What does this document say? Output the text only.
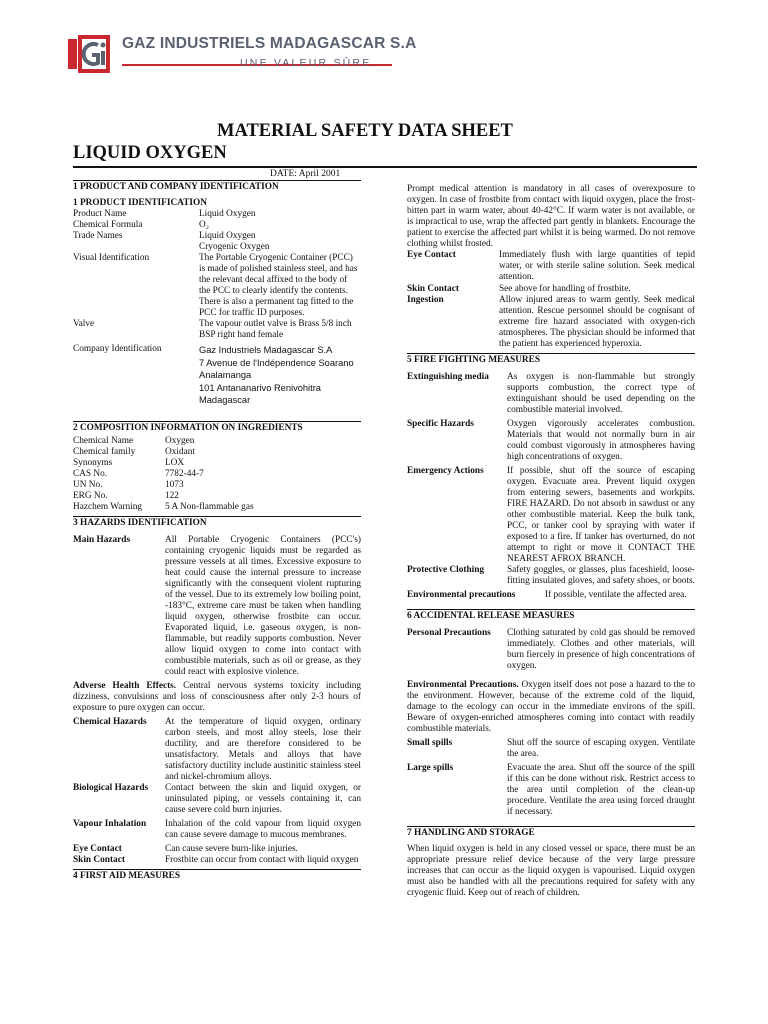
GAZ INDUSTRIELS MADAGASCAR S.A
UNE VALEUR SÛRE
MATERIAL SAFETY DATA SHEET
LIQUID OXYGEN
DATE: April 2001
1 PRODUCT AND COMPANY IDENTIFICATION
1 PRODUCT IDENTIFICATION
Product Name	Liquid Oxygen
Chemical Formula	O₂
Trade Names	Liquid Oxygen
Cryogenic Oxygen
Visual Identification	The Portable Cryogenic Container (PCC) is made of polished stainless steel, and has the relevant decal affixed to the body of the PCC to clearly identify the contents. There is also a permanent tag fitted to the PCC for traffic ID purposes.
Valve	The vapour outlet valve is Brass 5/8 inch BSP right hand female
Company Identification	Gaz Industriels Madagascar S.A
7 Avenue de l'Indépendence Soarano
Analamanga
101 Antananarivo Renivohitra
Madagascar
2 COMPOSITION INFORMATION ON INGREDIENTS
Chemical Name	Oxygen
Chemical family	Oxidant
Synonyms	LOX
CAS No.	7782-44-7
UN No.	1073
ERG No.	122
Hazchem Warning	5 A Non-flammable gas
3 HAZARDS IDENTIFICATION
Main Hazards	All Portable Cryogenic Containers (PCC's) containing cryogenic liquids must be regarded as pressure vessels at all times. Excessive exposure to heat could cause the internal pressure to increase significantly with the consequent violent rupturing of the vessel. Due to its extremely low boiling point, -183°C, extreme care must be taken when handling liquid oxygen, otherwise frostbite can occur. Evaporated liquid, i.e. gaseous oxygen, is non-flammable, but readily supports combustion. Never allow liquid oxygen to come into contact with combustible materials, such as oil or grease, as they could react with explosive violence.
Adverse Health Effects. Central nervous systems toxicity including dizziness, convulsions and loss of consciousness after only 2-3 hours of exposure to pure oxygen can occur.
Chemical Hazards	At the temperature of liquid oxygen, ordinary carbon steels, and most alloy steels, lose their ductility, and are therefore considered to be unsatisfactory. Metals and alloys that have satisfactory ductility include austinitic stainless steel and nickel-chromium alloys.
Biological Hazards	Contact between the skin and liquid oxygen, or uninsulated piping, or vessels containing it, can cause severe cold burn injuries.
Vapour Inhalation	Inhalation of the cold vapour from liquid oxygen can cause severe damage to mucous membranes.
Eye Contact	Can cause severe burn-like injuries.
Skin Contact	Frostbite can occur from contact with liquid oxygen
4 FIRST AID MEASURES
Prompt medical attention is mandatory in all cases of overexposure to oxygen. In case of frostbite from contact with liquid oxygen, place the frost-bitten part in warm water, about 40-42°C. If warm water is not available, or is impractical to use, wrap the affected part gently in blankets. Encourage the patient to exercise the affected part whilst it is being warmed. Do not remove clothing whilst frosted.
Eye Contact	Immediately flush with large quantities of tepid water, or with sterile saline solution. Seek medical attention.
Skin Contact	See above for handling of frostbite.
Ingestion	Allow injured areas to warm gently. Seek medical attention. Rescue personnel should be cognisant of extreme fire hazard associated with oxygen-rich atmospheres. The physician should be informed that the patient has experienced hyperoxia.
5 FIRE FIGHTING MEASURES
Extinguishing media	As oxygen is non-flammable but strongly supports combustion, the correct type of extinguishant should be used depending on the combustible material involved.
Specific Hazards	Oxygen vigorously accelerates combustion. Materials that would not normally burn in air could combust vigorously in atmospheres having high concentrations of oxygen.
Emergency Actions	If possible, shut off the source of escaping oxygen. Evacuate area. Prevent liquid oxygen from entering sewers, basements and workpits. FIRE HAZARD. Do not absorb in sawdust or any other combustible material. Keep the bulk tank, PCC, or tanker cool by spraying with water if exposed to a fire. If tanker has overturned, do not attempt to right or move it CONTACT THE NEAREST AFROX BRANCH.
Protective Clothing	Safety goggles, or glasses, plus faceshield, loose-fitting insulated gloves, and safety shoes, or boots.
Environmental precautions	If possible, ventilate the affected area.
6 ACCIDENTAL RELEASE MEASURES
Personal Precautions	Clothing saturated by cold gas should be removed immediately. Clothes and other materials, will burn fiercely in presence of high concentrations of oxygen.
Environmental Precautions. Oxygen itself does not pose a hazard to the to the environment. However, because of the extreme cold of the liquid, damage to the ecology can occur in the immediate environs of the spill. Beware of oxygen-enriched atmospheres coming into contact with readily combustible materials.
Small spills	Shut off the source of escaping oxygen. Ventilate the area.
Large spills	Evacuate the area. Shut off the source of the spill if this can be done without risk. Restrict access to the area until completion of the clean-up procedure. Ventilate the area using forced draught if necessary.
7 HANDLING AND STORAGE
When liquid oxygen is held in any closed vessel or space, there must be an appropriate pressure relief device because of the very large pressure increases that can occur as the liquid oxygen is vapourised. Liquid oxygen must also be handled with all the precautions required for safety with any cryogenic fluid. Keep out of reach of children.
